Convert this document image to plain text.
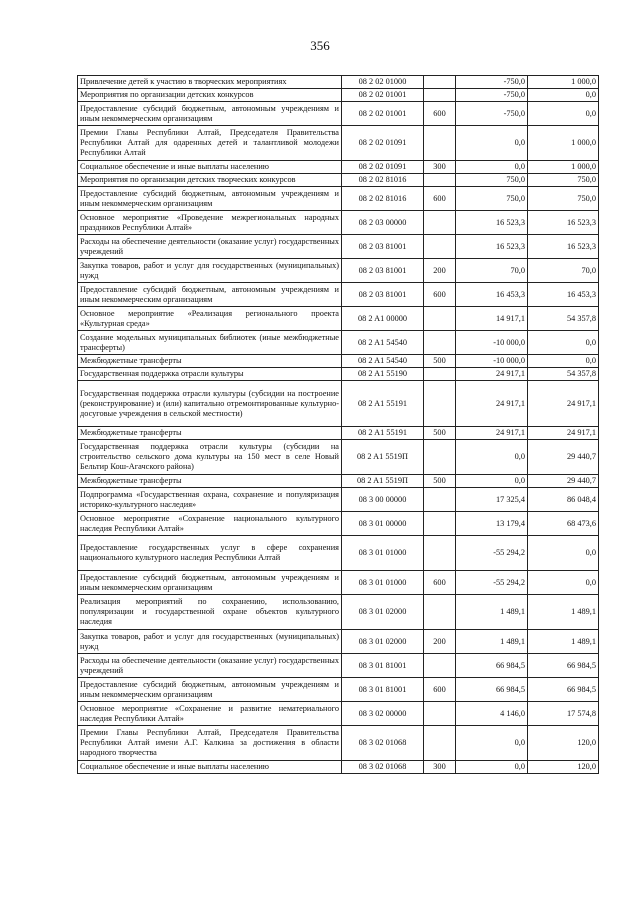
356
Привлечение детей к участию в творческих мероприятиях	08 2 02 01000		-750,0	1 000,0
Мероприятия по организации детских конкурсов	08 2 02 01001		-750,0	0,0
Предоставление субсидий бюджетным, автономным учреждениям и иным некоммерческим организациям	08 2 02 01001	600	-750,0	0,0
Премии Главы Республики Алтай, Председателя Правительства Республики Алтай для одаренных детей и талантливой молодежи Республики Алтай	08 2 02 01091		0,0	1 000,0
Социальное обеспечение и иные выплаты населению	08 2 02 01091	300	0,0	1 000,0
Мероприятия по организации детских творческих конкурсов	08 2 02 81016		750,0	750,0
Предоставление субсидий бюджетным, автономным учреждениям и иным некоммерческим организациям	08 2 02 81016	600	750,0	750,0
Основное мероприятие «Проведение межрегиональных народных праздников Республики Алтай»	08 2 03 00000		16 523,3	16 523,3
Расходы на обеспечение деятельности (оказание услуг) государственных учреждений	08 2 03 81001		16 523,3	16 523,3
Закупка товаров, работ и услуг для государственных (муниципальных) нужд	08 2 03 81001	200	70,0	70,0
Предоставление субсидий бюджетным, автономным учреждениям и иным некоммерческим организациям	08 2 03 81001	600	16 453,3	16 453,3
Основное мероприятие «Реализация регионального проекта «Культурная среда»	08 2 A1 00000		14 917,1	54 357,8
Создание модельных муниципальных библиотек (иные межбюджетные трансферты)	08 2 A1 54540		-10 000,0	0,0
Межбюджетные трансферты	08 2 A1 54540	500	-10 000,0	0,0
Государственная поддержка отрасли культуры	08 2 A1 55190		24 917,1	54 357,8
Государственная поддержка отрасли культуры (субсидии на построение (реконструирование) и (или) капитально отремонтированные культурно-досуговые учреждения в сельской местности)	08 2 A1 55191		24 917,1	24 917,1
Межбюджетные трансферты	08 2 A1 55191	500	24 917,1	24 917,1
Государственная поддержка отрасли культуры (субсидии на строительство сельского дома культуры на 150 мест в селе Новый Бельтир Кош-Агачского района)	08 2 A1 5519П		0,0	29 440,7
Межбюджетные трансферты	08 2 A1 5519П	500	0,0	29 440,7
Подпрограмма «Государственная охрана, сохранение и популяризация историко-культурного наследия»	08 3 00 00000		17 325,4	86 048,4
Основное мероприятие «Сохранение национального культурного наследия Республики Алтай»	08 3 01 00000		13 179,4	68 473,6
Предоставление государственных услуг в сфере сохранения национального культурного наследия Республики Алтай	08 3 01 01000		-55 294,2	0,0
Предоставление субсидий бюджетным, автономным учреждениям и иным некоммерческим организациям	08 3 01 01000	600	-55 294,2	0,0
Реализация мероприятий по сохранению, использованию, популяризации и государственной охране объектов культурного наследия	08 3 01 02000		1 489,1	1 489,1
Закупка товаров, работ и услуг для государственных (муниципальных) нужд	08 3 01 02000	200	1 489,1	1 489,1
Расходы на обеспечение деятельности (оказание услуг) государственных учреждений	08 3 01 81001		66 984,5	66 984,5
Предоставление субсидий бюджетным, автономным учреждениям и иным некоммерческим организациям	08 3 01 81001	600	66 984,5	66 984,5
Основное мероприятие «Сохранение и развитие нематериального наследия Республики Алтай»	08 3 02 00000		4 146,0	17 574,8
Премии Главы Республики Алтай, Председателя Правительства Республики Алтай имени А.Г. Калкина за достижения в области народного творчества	08 3 02 01068		0,0	120,0
Социальное обеспечение и иные выплаты населению	08 3 02 01068	300	0,0	120,0
